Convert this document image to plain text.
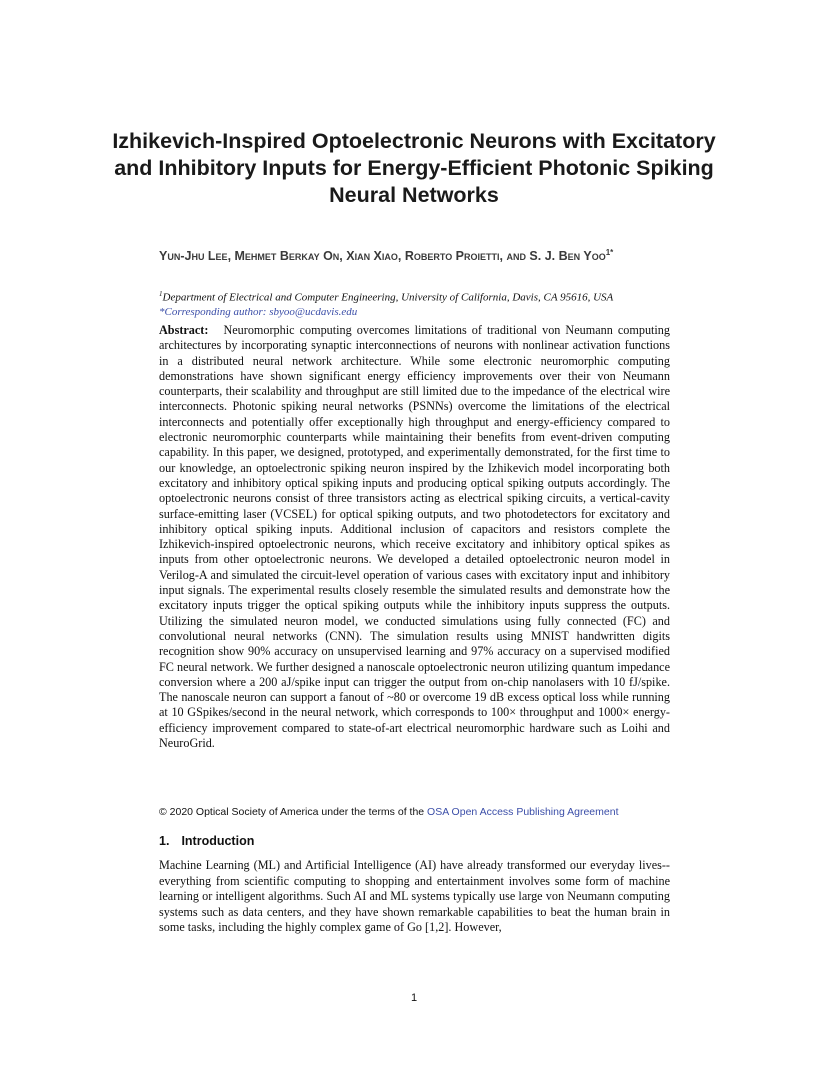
Izhikevich-Inspired Optoelectronic Neurons with Excitatory and Inhibitory Inputs for Energy-Efficient Photonic Spiking Neural Networks
Yun-Jhu Lee, Mehmet Berkay On, Xian Xiao, Roberto Proietti, and S. J. Ben Yoo$^{1*}$
$^1$Department of Electrical and Computer Engineering, University of California, Davis, CA 95616, USA
*Corresponding author: sbyoo@ucdavis.edu
Abstract: Neuromorphic computing overcomes limitations of traditional von Neumann computing architectures by incorporating synaptic interconnections of neurons with nonlinear activation functions in a distributed neural network architecture. While some electronic neuromorphic computing demonstrations have shown significant energy efficiency improvements over their von Neumann counterparts, their scalability and throughput are still limited due to the impedance of the electrical wire interconnects. Photonic spiking neural networks (PSNNs) overcome the limitations of the electrical interconnects and potentially offer exceptionally high throughput and energy-efficiency compared to electronic neuromorphic counterparts while maintaining their benefits from event-driven computing capability. In this paper, we designed, prototyped, and experimentally demonstrated, for the first time to our knowledge, an optoelectronic spiking neuron inspired by the Izhikevich model incorporating both excitatory and inhibitory optical spiking inputs and producing optical spiking outputs accordingly. The optoelectronic neurons consist of three transistors acting as electrical spiking circuits, a vertical-cavity surface-emitting laser (VCSEL) for optical spiking outputs, and two photodetectors for excitatory and inhibitory optical spiking inputs. Additional inclusion of capacitors and resistors complete the Izhikevich-inspired optoelectronic neurons, which receive excitatory and inhibitory optical spikes as inputs from other optoelectronic neurons. We developed a detailed optoelectronic neuron model in Verilog-A and simulated the circuit-level operation of various cases with excitatory input and inhibitory input signals. The experimental results closely resemble the simulated results and demonstrate how the excitatory inputs trigger the optical spiking outputs while the inhibitory inputs suppress the outputs. Utilizing the simulated neuron model, we conducted simulations using fully connected (FC) and convolutional neural networks (CNN). The simulation results using MNIST handwritten digits recognition show 90% accuracy on unsupervised learning and 97% accuracy on a supervised modified FC neural network. We further designed a nanoscale optoelectronic neuron utilizing quantum impedance conversion where a 200 aJ/spike input can trigger the output from on-chip nanolasers with 10 fJ/spike. The nanoscale neuron can support a fanout of ~80 or overcome 19 dB excess optical loss while running at 10 GSpikes/second in the neural network, which corresponds to 100× throughput and 1000× energy-efficiency improvement compared to state-of-art electrical neuromorphic hardware such as Loihi and NeuroGrid.
© 2020 Optical Society of America under the terms of the OSA Open Access Publishing Agreement
1. Introduction
Machine Learning (ML) and Artificial Intelligence (AI) have already transformed our everyday lives--everything from scientific computing to shopping and entertainment involves some form of machine learning or intelligent algorithms. Such AI and ML systems typically use large von Neumann computing systems such as data centers, and they have shown remarkable capabilities to beat the human brain in some tasks, including the highly complex game of Go [1,2]. However,
1
